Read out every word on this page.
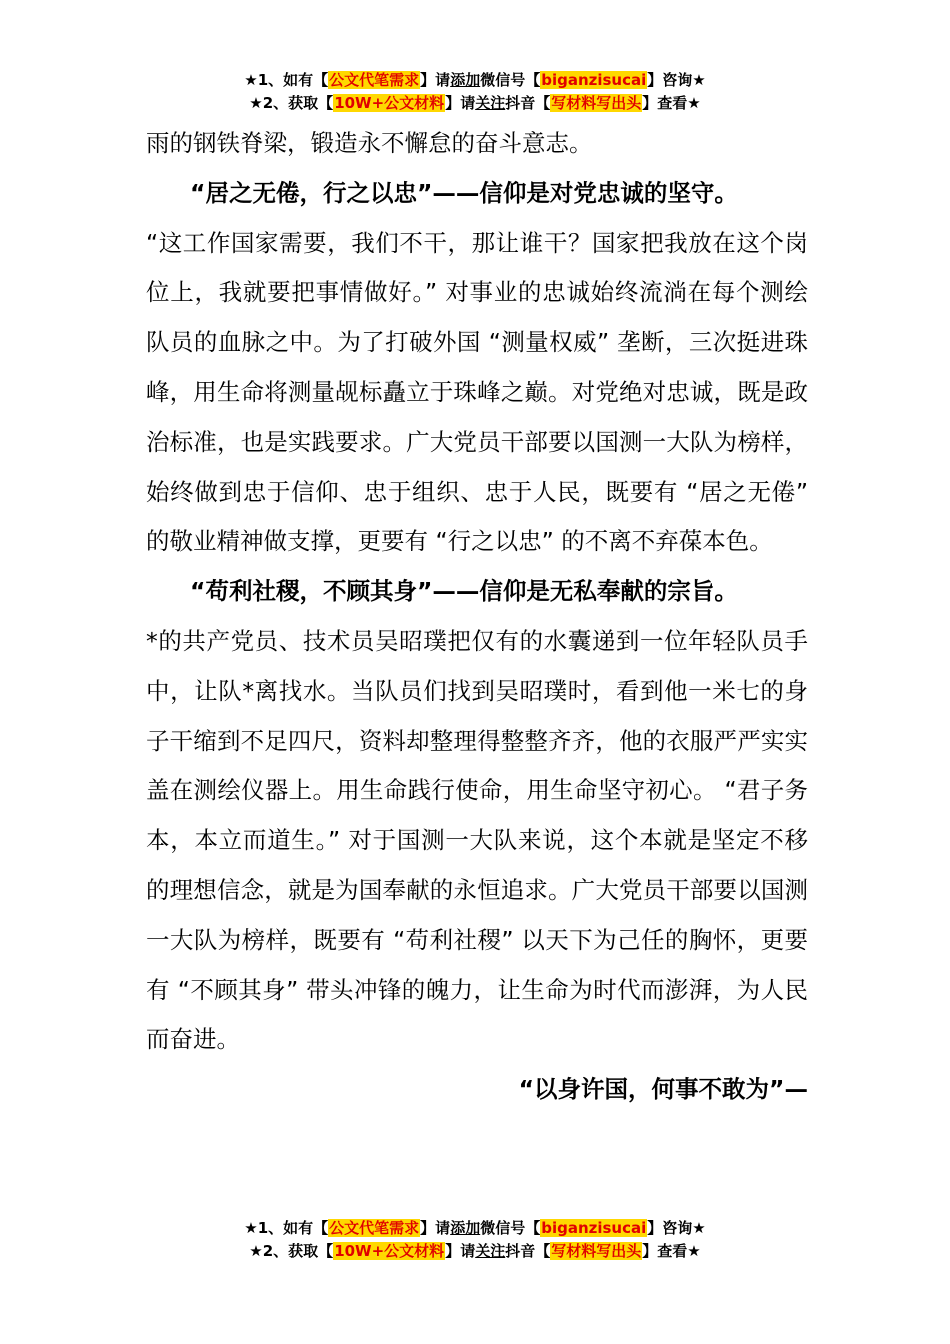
★1、如有【公文代笔需求】请添加微信号【biganzisucai】咨询★
★2、获取【10W+公文材料】请关注抖音【写材料写出头】查看★

雨的钢铁脊梁，锻造永不懈怠的奋斗意志。

“居之无倦，行之以忠”——信仰是对党忠诚的坚守。

“这工作国家需要，我们不干，那让谁干？国家把我放在这个岗位上，我就要把事情做好。” 对事业的忠诚始终流淌在每个测绘队员的血脉之中。为了打破外国 “测量权威” 垄断，三次挺进珠峰，用生命将测量觇标矗立于珠峰之巅。对党绝对忠诚，既是政治标准，也是实践要求。广大党员干部要以国测一大队为榜样，始终做到忠于信仰、忠于组织、忠于人民，既要有 “居之无倦” 的敬业精神做支撑，更要有 “行之以忠” 的不离不弃葆本色。

“苟利社稷，不顾其身”——信仰是无私奉献的宗旨。

*的共产党员、技术员吴昭璞把仅有的水囊递到一位年轻队员手中，让队*离找水。当队员们找到吴昭璞时，看到他一米七的身子干缩到不足四尺，资料却整理得整整齐齐，他的衣服严严实实盖在测绘仪器上。用生命践行使命，用生命坚守初心。 “君子务本，本立而道生。” 对于国测一大队来说，这个本就是坚定不移的理想信念，就是为国奉献的永恒追求。广大党员干部要以国测一大队为榜样，既要有 “苟利社稷” 以天下为己任的胸怀，更要有 “不顾其身” 带头冲锋的魄力，让生命为时代而澎湃，为人民而奋进。

“以身许国，何事不敢为”—

★1、如有【公文代笔需求】请添加微信号【biganzisucai】咨询★
★2、获取【10W+公文材料】请关注抖音【写材料写出头】查看★
